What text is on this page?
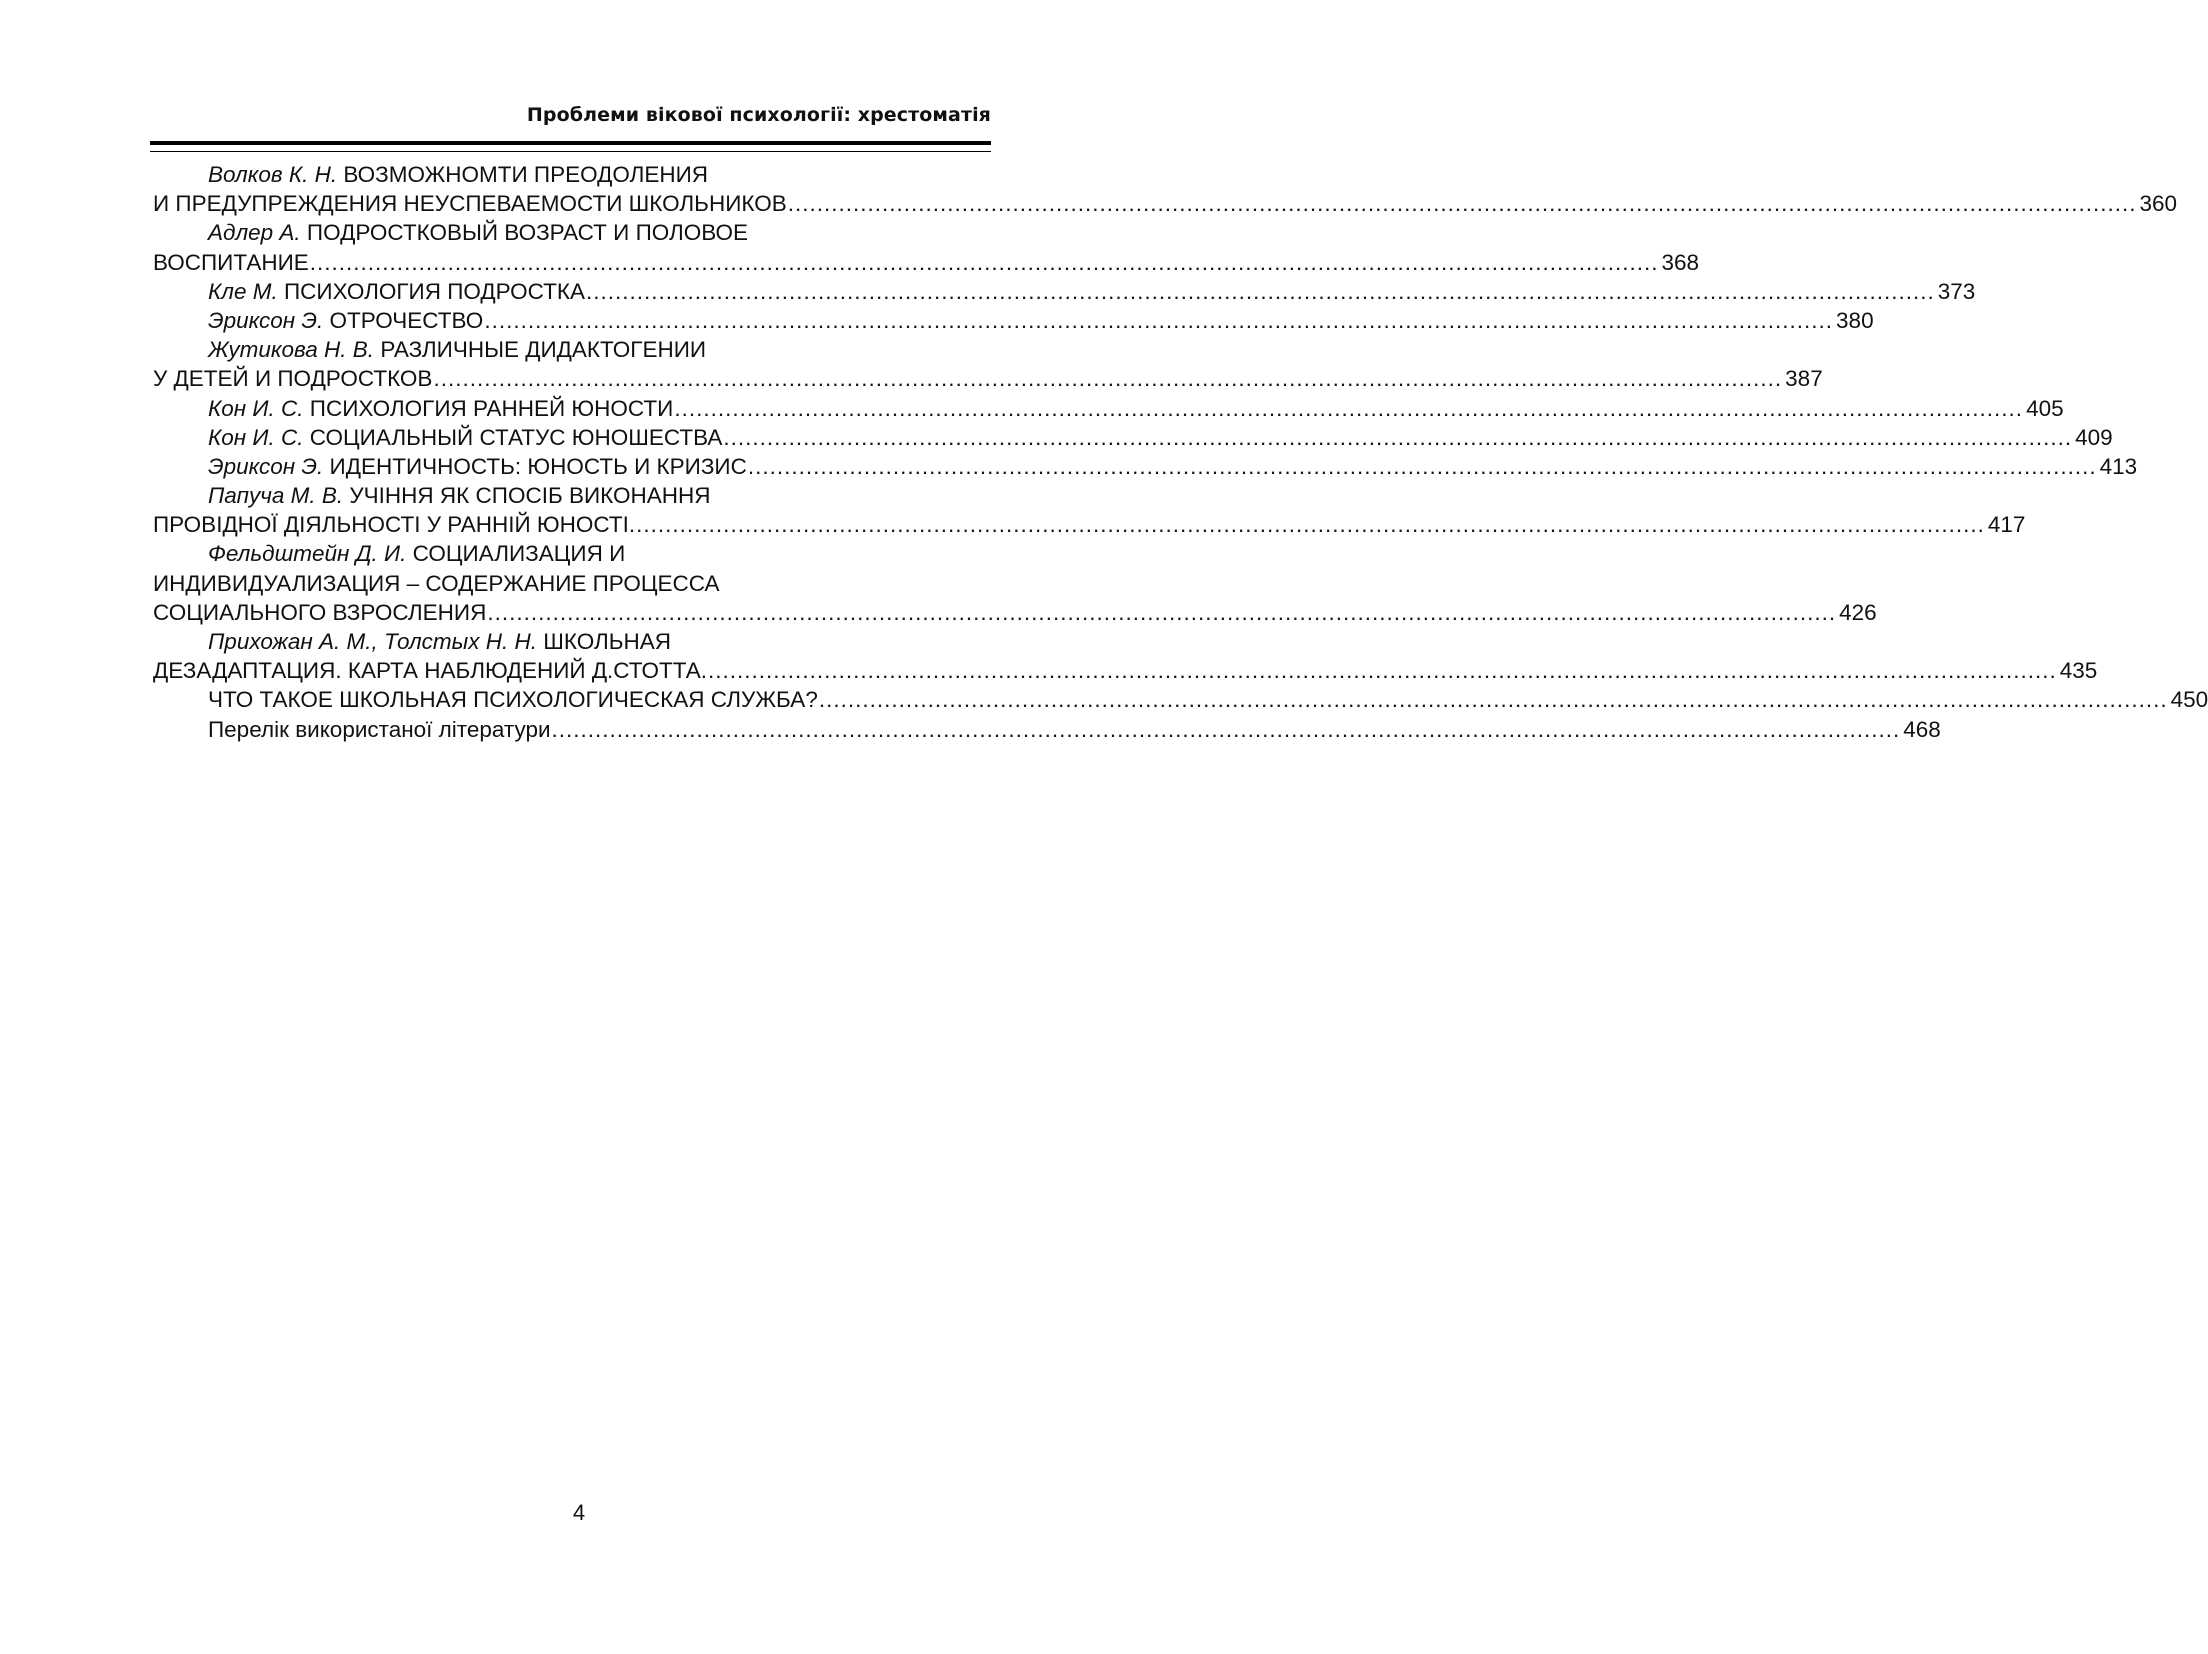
Проблеми вікової психології: хрестоматія
Волков К. Н. ВОЗМОЖНОМТИ ПРЕОДОЛЕНИЯ
И ПРЕДУПРЕЖДЕНИЯ НЕУСПЕВАЕМОСТИ ШКОЛЬНИКОВ .......................................................................................................................................................................................... 360
Адлер А. ПОДРОСТКОВЫЙ ВОЗРАСТ И ПОЛОВОЕ
ВОСПИТАНИЕ .......................................................................................................................................................................................... 368
Кле М. ПСИХОЛОГИЯ ПОДРОСТКА .......................................................................................................................................................................................... 373
Эриксон Э. ОТРОЧЕСТВО .......................................................................................................................................................................................... 380
Жутикова Н. В. РАЗЛИЧНЫЕ ДИДАКТОГЕНИИ
У ДЕТЕЙ И ПОДРОСТКОВ .......................................................................................................................................................................................... 387
Кон И. С. ПСИХОЛОГИЯ РАННЕЙ ЮНОСТИ .......................................................................................................................................................................................... 405
Кон И. С. СОЦИАЛЬНЫЙ СТАТУС ЮНОШЕСТВА .......................................................................................................................................................................................... 409
Эриксон Э. ИДЕНТИЧНОСТЬ: ЮНОСТЬ И КРИЗИС .......................................................................................................................................................................................... 413
Папуча М. В. УЧІННЯ ЯК СПОСІБ ВИКОНАННЯ
ПРОВІДНОЇ ДІЯЛЬНОСТІ У РАННІЙ ЮНОСТІ. .......................................................................................................................................................................................... 417
Фельдштейн Д. И. СОЦИАЛИЗАЦИЯ И
ИНДИВИДУАЛИЗАЦИЯ – СОДЕРЖАНИЕ ПРОЦЕССА
СОЦИАЛЬНОГО ВЗРОСЛЕНИЯ .......................................................................................................................................................................................... 426
Прихожан А. М., Толстых Н. Н. ШКОЛЬНАЯ
ДЕЗАДАПТАЦИЯ. КАРТА НАБЛЮДЕНИЙ Д.СТОТТА. .......................................................................................................................................................................................... 435
ЧТО ТАКОЕ ШКОЛЬНАЯ ПСИХОЛОГИЧЕСКАЯ СЛУЖБА? .......................................................................................................................................................................................... 450
Перелік використаної літератури .......................................................................................................................................................................................... 468
4
